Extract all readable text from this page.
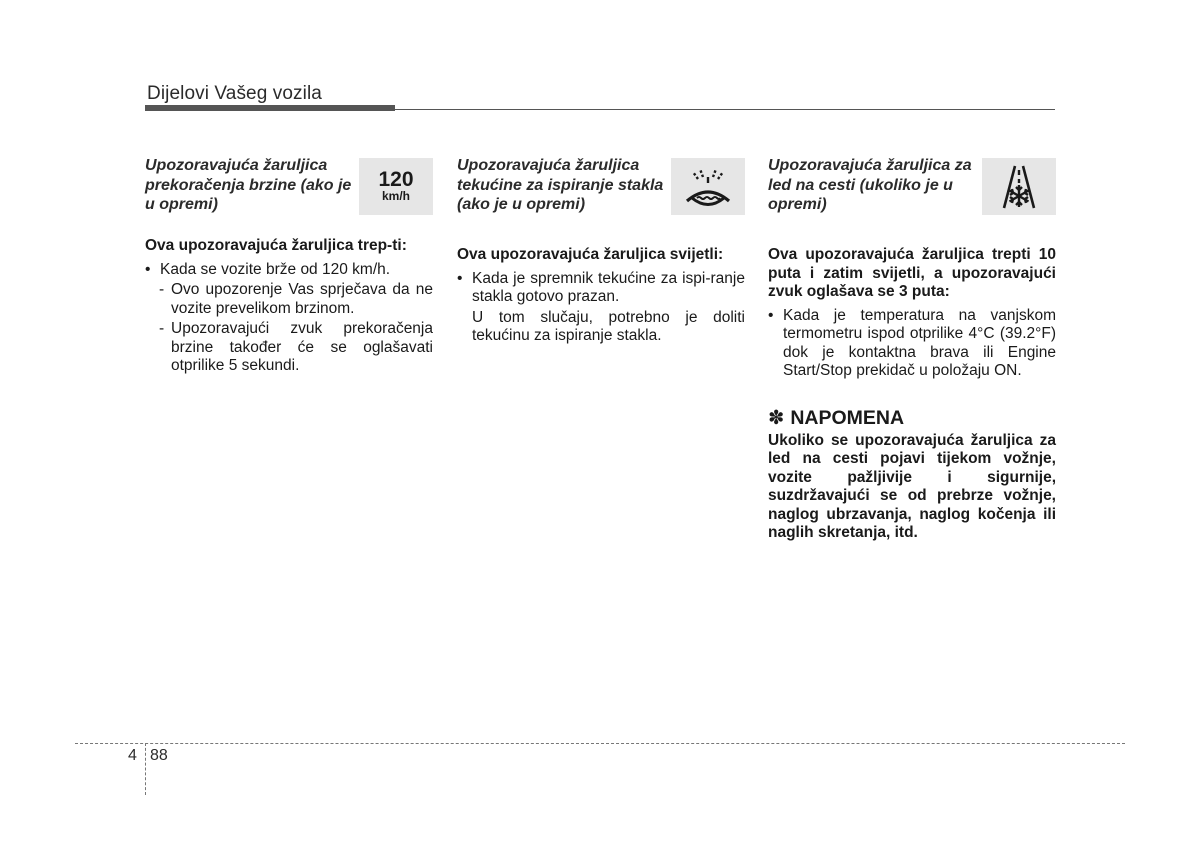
Dijelovi Vašeg vozila
Upozoravajuća žaruljica prekoračenja brzine (ako je u opremi)
120
km/h

Ova upozoravajuća žaruljica trep-ti:

• Kada se vozite brže od 120 km/h.
- Ovo upozorenje Vas sprječava da ne vozite prevelikom brzinom.
- Upozoravajući zvuk prekoračenja brzine također će se oglašavati otprilike 5 sekundi.
Upozoravajuća žaruljica tekućine za ispiranje stakla (ako je u opremi)

Ova upozoravajuća žaruljica svijetli:

• Kada je spremnik tekućine za ispi-ranje stakla gotovo prazan.
U tom slučaju, potrebno je doliti tekućinu za ispiranje stakla.
Upozoravajuća žaruljica za led na cesti (ukoliko je u opremi)

Ova upozoravajuća žaruljica trepti 10 puta i zatim svijetli, a upozoravajući zvuk oglašava se 3 puta:

• Kada je temperatura na vanjskom termometru ispod otprilike 4°C (39.2°F) dok je kontaktna brava ili Engine Start/Stop prekidač u položaju ON.
✽ NAPOMENA
Ukoliko se upozoravajuća žaruljica za led na cesti pojavi tijekom vožnje, vozite pažljivije i sigurnije, suzdržavajući se od prebrze vožnje, naglog ubrzavanja, naglog kočenja ili naglih skretanja, itd.
4 88
